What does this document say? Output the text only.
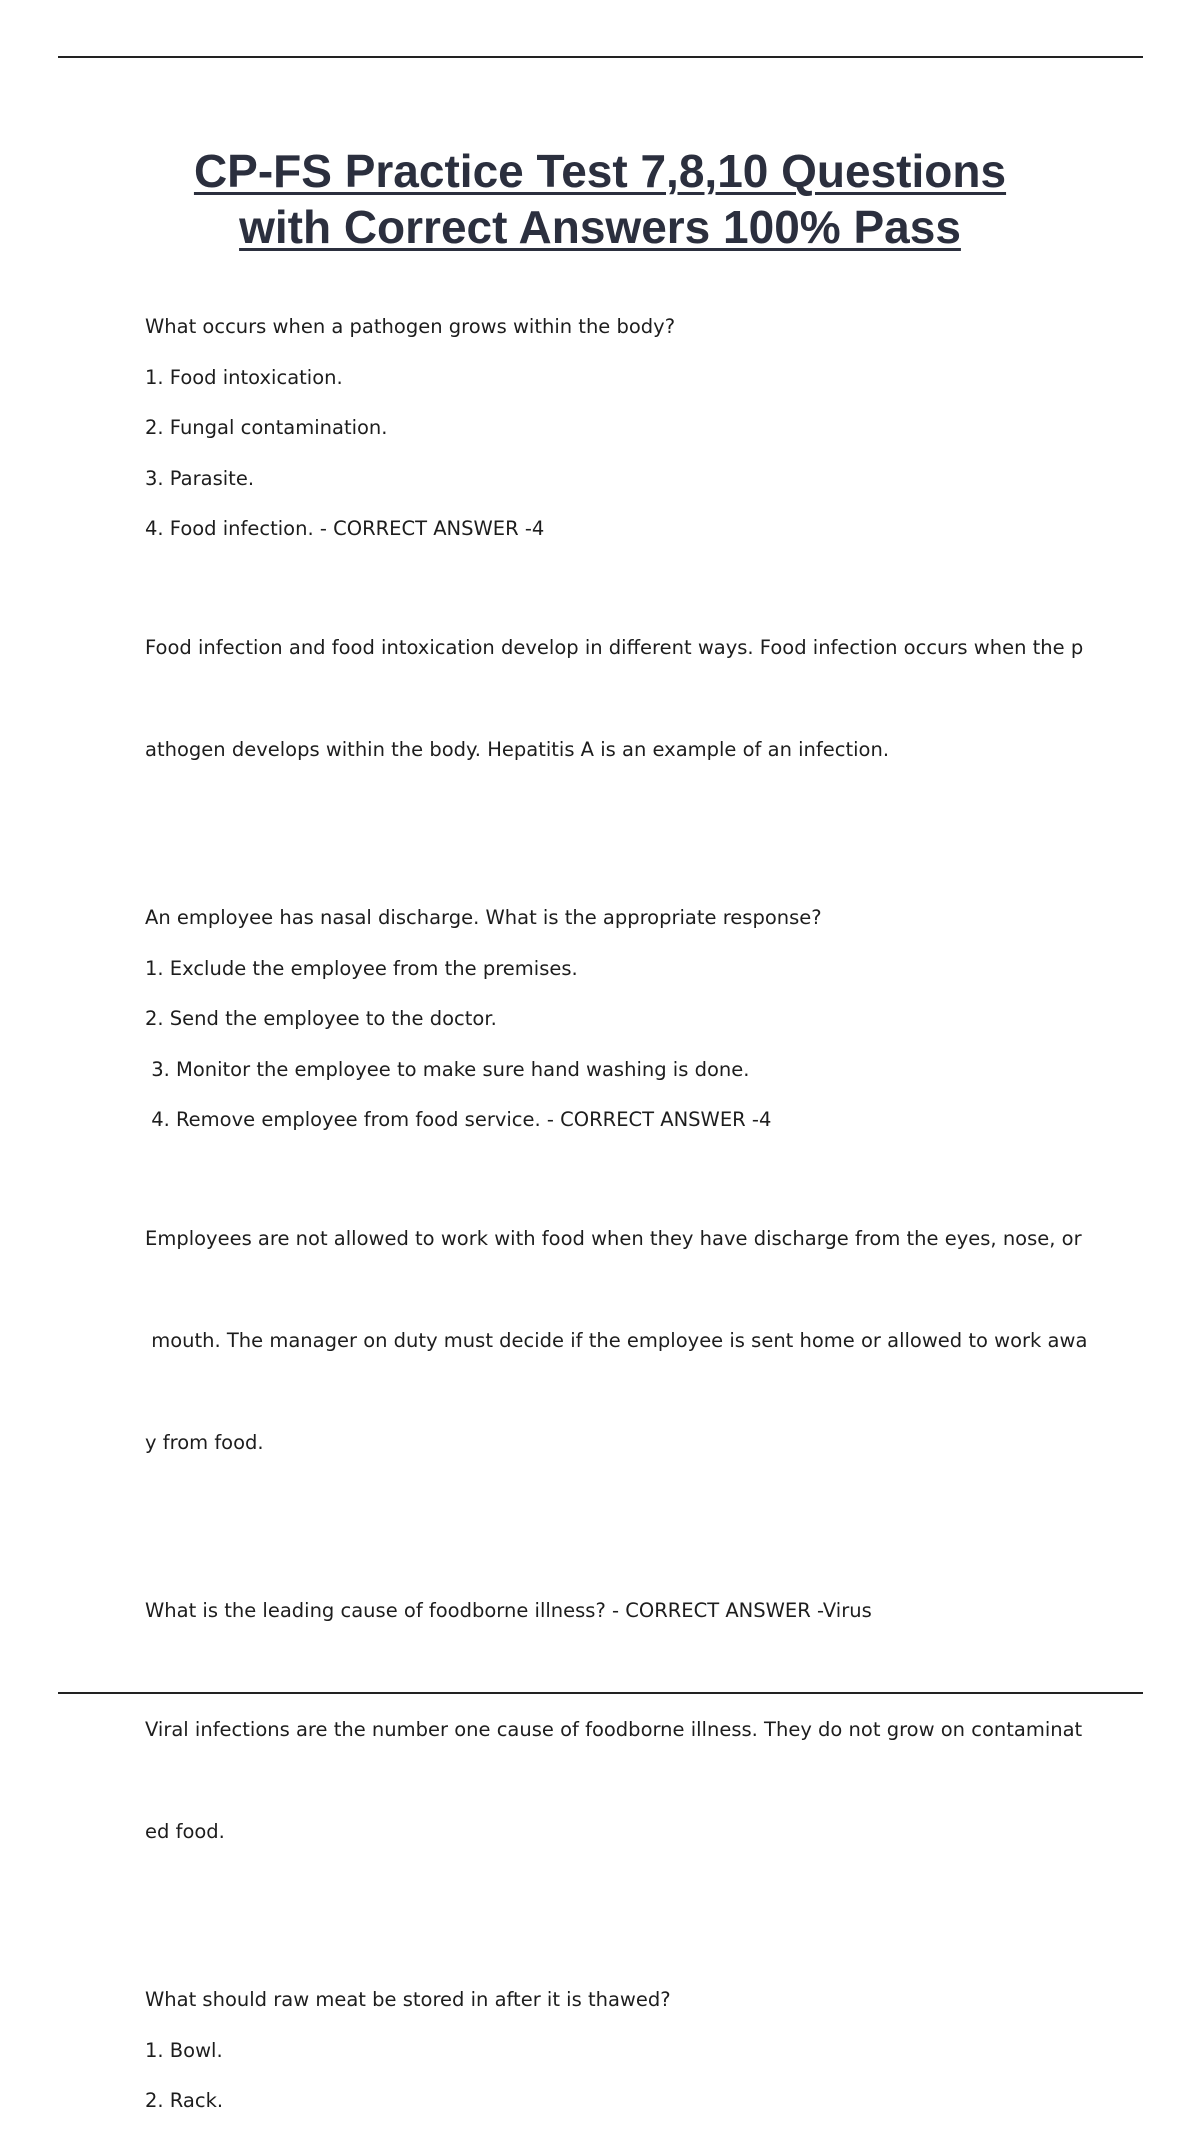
CP-FS Practice Test 7,8,10 Questions
with Correct Answers 100% Pass

What occurs when a pathogen grows within the body?

1. Food intoxication.

2. Fungal contamination.

3. Parasite.

4. Food infection. - CORRECT ANSWER -4

Food infection and food intoxication develop in different ways. Food infection occurs when the p

athogen develops within the body. Hepatitis A is an example of an infection.

An employee has nasal discharge. What is the appropriate response?

1. Exclude the employee from the premises.

2. Send the employee to the doctor.

3. Monitor the employee to make sure hand washing is done.

4. Remove employee from food service. - CORRECT ANSWER -4

Employees are not allowed to work with food when they have discharge from the eyes, nose, or

mouth. The manager on duty must decide if the employee is sent home or allowed to work awa

y from food.

What is the leading cause of foodborne illness? - CORRECT ANSWER -Virus

Viral infections are the number one cause of foodborne illness. They do not grow on contaminat

ed food.

What should raw meat be stored in after it is thawed?

1. Bowl.

2. Rack.
